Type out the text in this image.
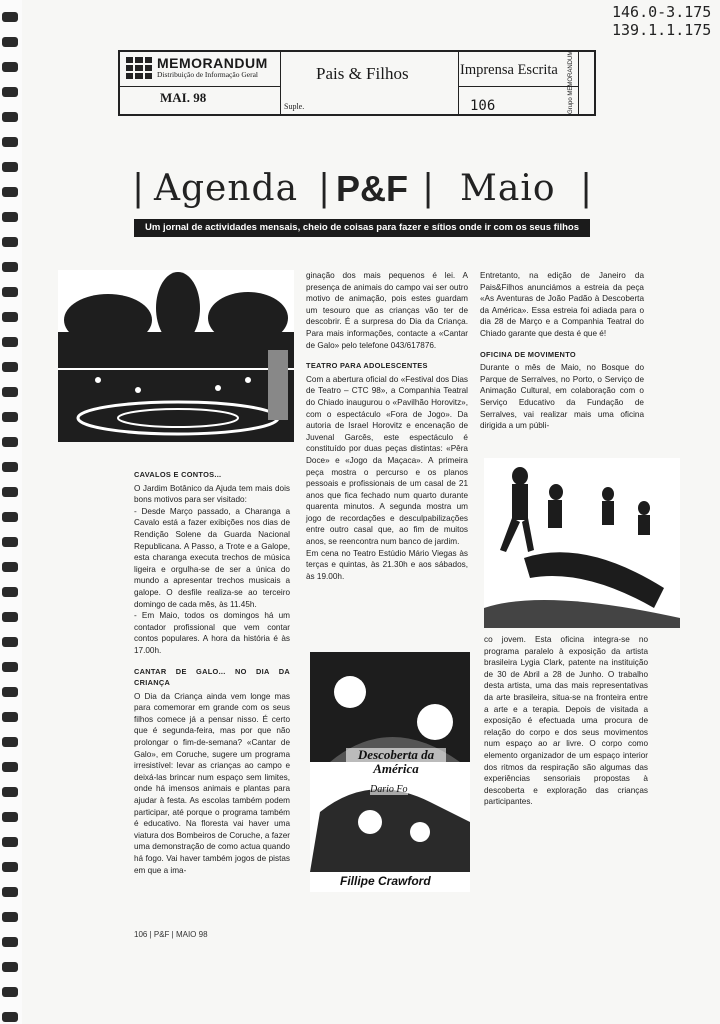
146.0-3.175
139.1.1.175
MEMORANDUM
Distribuição de Informação Geral
MAI. 98
Pais & Filhos
Suple.
Imprensa Escrita
106	Grupo MEMORANDUM
| Agenda | P&F | Maio |
Um jornal de actividades mensais, cheio de coisas para fazer e sítios onde ir com os seus filhos

CAVALOS E CONTOS...

O Jardim Botânico da Ajuda tem mais dois bons motivos para ser visitado:

- Desde Março passado, a Charanga a Cavalo está a fazer exibições nos dias de Rendição Solene da Guarda Nacional Republicana. A Passo, a Trote e a Galope, esta charanga executa trechos de música ligeira e orgulha-se de ser a única do mundo a apresentar trechos musicais a galope. O desfile realiza-se ao terceiro domingo de cada mês, às 11.45h.

- Em Maio, todos os domingos há um contador profissional que vem contar contos populares. A hora da história é às 17.00h.

CANTAR DE GALO... NO DIA DA CRIANÇA

O Dia da Criança ainda vem longe mas para comemorar em grande com os seus filhos comece já a pensar nisso. É certo que é segunda-feira, mas por que não prolongar o fim-de-semana? «Cantar de Galo», em Coruche, sugere um programa irresistível: levar as crianças ao campo e deixá-las brincar num espaço sem limites, onde há imensos animais e plantas para ajudar à festa. As escolas também podem participar, até porque o programa também é educativo. Na floresta vai haver uma viatura dos Bombeiros de Coruche, a fazer uma demonstração de como actua quando há fogo. Vai haver também jogos de pistas em que a ima-

ginação dos mais pequenos é lei. A presença de animais do campo vai ser outro motivo de animação, pois estes guardam um tesouro que as crianças vão ter de descobrir. É a surpresa do Dia da Criança. Para mais informações, contacte a «Cantar de Galo» pelo telefone 043/617876.

TEATRO PARA ADOLESCENTES

Com a abertura oficial do «Festival dos Dias de Teatro – CTC 98», a Companhia Teatral do Chiado inaugurou o «Pavilhão Horovitz», com o espectáculo «Fora de Jogo». Da autoria de Israel Horovitz e encenação de Juvenal Garcês, este espectáculo é constituído por duas peças distintas: «Pêra Doce» e «Jogo da Maçaca». A primeira peça mostra o percurso e os planos pessoais e profissionais de um casal de 21 anos que fica fechado num quarto durante quarenta minutos. A segunda mostra um jogo de recordações e desculpabilizações entre outro casal que, ao fim de muitos anos, se reencontra num banco de jardim.

Em cena no Teatro Estúdio Mário Viegas às terças e quintas, às 21.30h e aos sábados, às 19.00h.

Descoberta da América
Dario Fo
Fillipe Crawford

Entretanto, na edição de Janeiro da Pais&Filhos anunciámos a estreia da peça «As Aventuras de João Padão à Descoberta da América». Essa estreia foi adiada para o dia 28 de Março e a Companhia Teatral do Chiado garante que desta é que é!

OFICINA DE MOVIMENTO

Durante o mês de Maio, no Bosque do Parque de Serralves, no Porto, o Serviço de Animação Cultural, em colaboração com o Serviço Educativo da Fundação de Serralves, vai realizar mais uma oficina dirigida a um públi-

co jovem. Esta oficina integra-se no programa paralelo à exposição da artista brasileira Lygia Clark, patente na instituição de 30 de Abril a 28 de Junho. O trabalho desta artista, uma das mais representativas da arte brasileira, situa-se na fronteira entre a arte e a terapia. Depois de visitada a exposição é efectuada uma procura de relação do corpo e dos seus movimentos num espaço ao ar livre. O corpo como elemento organizador de um espaço interior dos ritmos da respiração são algumas das experiências sensoriais propostas à descoberta e exploração das crianças participantes.

106 | P&F | MAIO 98
